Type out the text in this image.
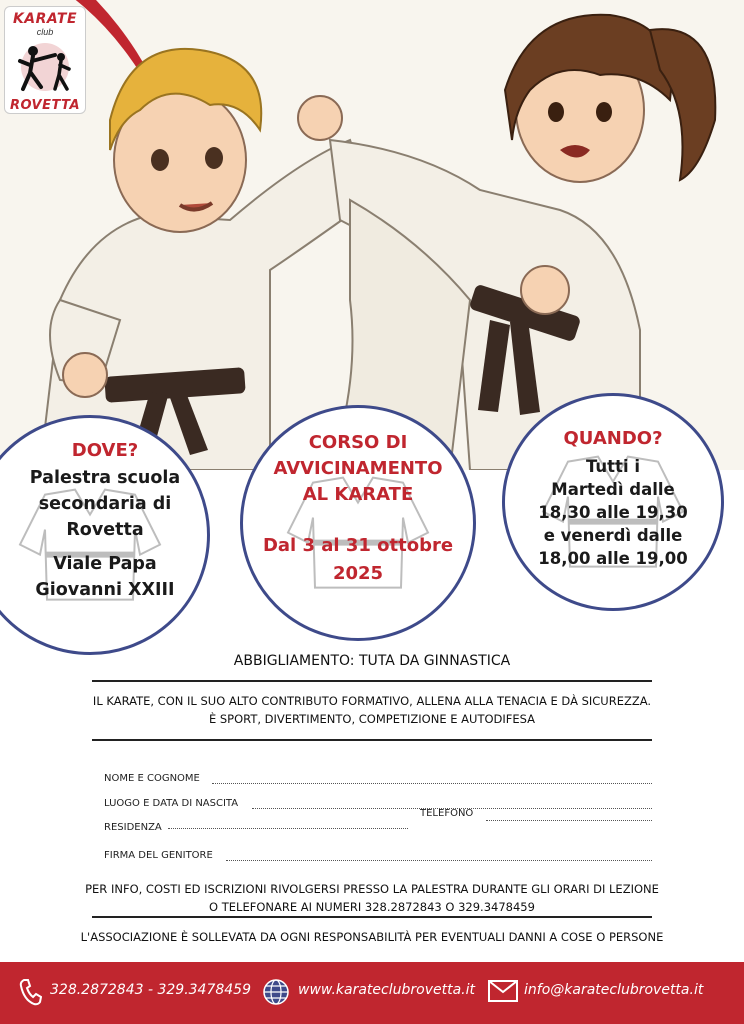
KARATE
club
ROVETTA
DOVE?
Palestra scuola
secondaria di
Rovetta
Viale Papa
Giovanni XXIII
CORSO DI
AVVICINAMENTO
AL KARATE
Dal 3 al 31 ottobre
2025
QUANDO?
Tutti i
Martedì dalle
18,30 alle 19,30
e venerdì dalle
18,00 alle 19,00
ABBIGLIAMENTO: TUTA DA GINNASTICA
IL KARATE, CON IL SUO ALTO CONTRIBUTO FORMATIVO, ALLENA ALLA TENACIA E DÀ SICUREZZA.
È SPORT, DIVERTIMENTO, COMPETIZIONE E AUTODIFESA
NOME E COGNOME
LUOGO E DATA DI NASCITA
RESIDENZA
TELEFONO
FIRMA DEL GENITORE
PER INFO, COSTI ED ISCRIZIONI RIVOLGERSI PRESSO LA PALESTRA DURANTE GLI ORARI DI LEZIONE
O TELEFONARE AI NUMERI 328.2872843 O 329.3478459
L'ASSOCIAZIONE È SOLLEVATA DA OGNI RESPONSABILITÀ PER EVENTUALI DANNI A COSE O PERSONE
328.2872843 - 329.3478459	www.karateclubrovetta.it	info@karateclubrovetta.it
